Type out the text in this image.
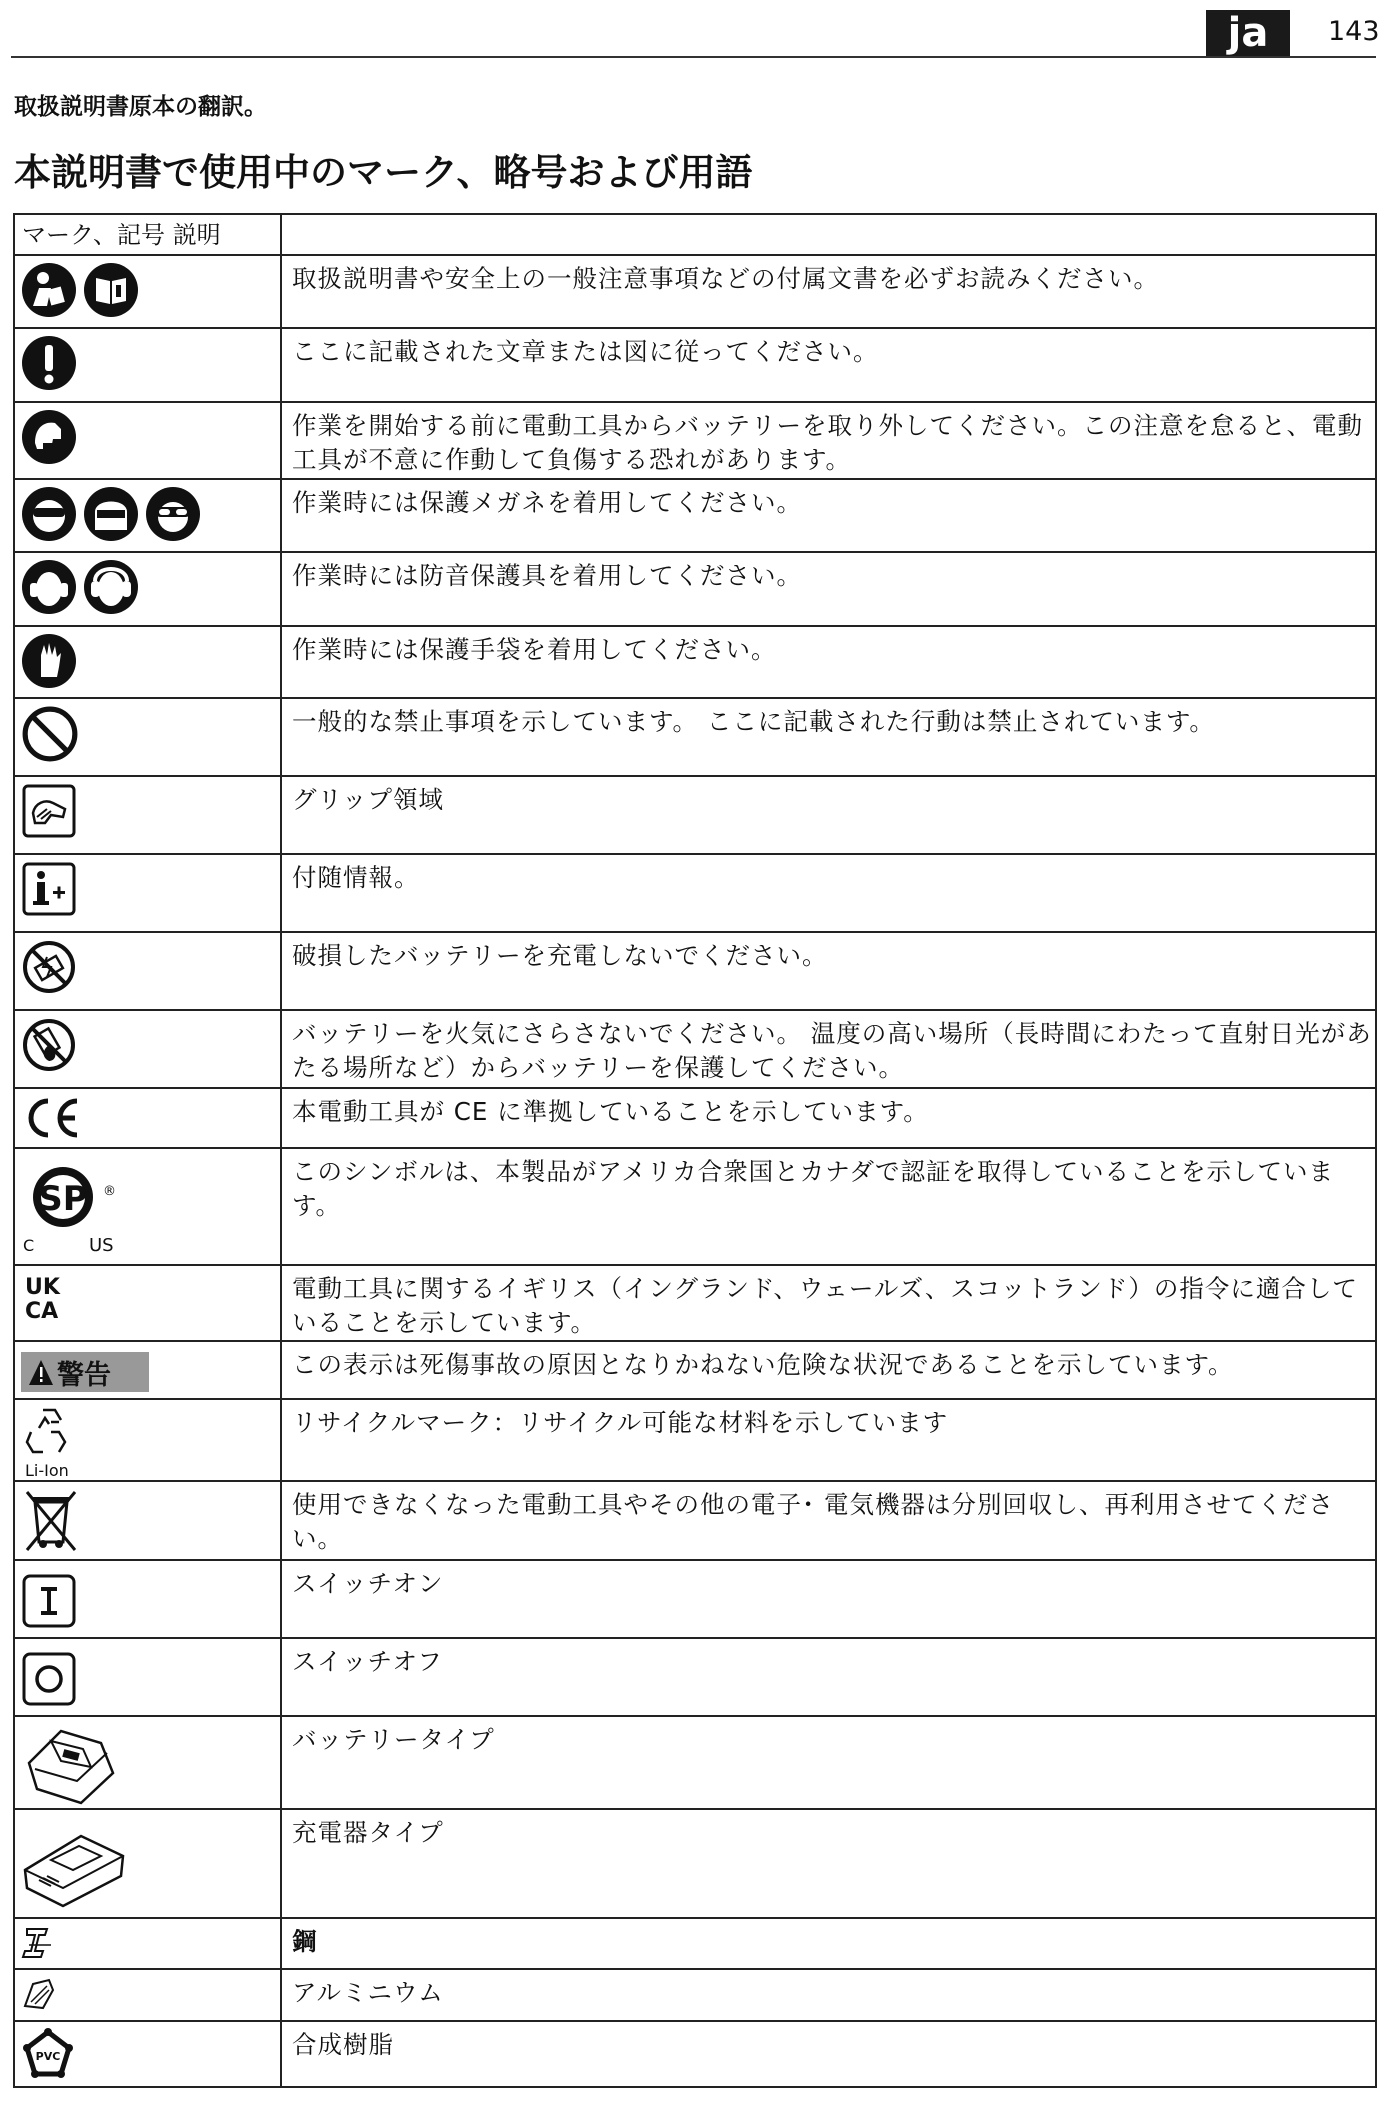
ja	143
取扱説明書原本の翻訳。
本説明書で使用中のマーク、略号および用語
マーク、記号 説明	

	取扱説明書や安全上の一般注意事項などの付属文書を必ずお読みください。

	ここに記載された文章または図に従ってください。

	作業を開始する前に電動工具からバッテリーを取り外してください。この注意を怠ると、電動工具が不意に作動して負傷する恐れがあります。

	作業時には保護メガネを着用してください。

	作業時には防音保護具を着用してください。

	作業時には保護手袋を着用してください。

	一般的な禁止事項を示しています。 ここに記載された行動は禁止されています。

	グリップ領域

	付随情報。

	破損したバッテリーを充電しないでください。

	バッテリーを火気にさらさないでください。 温度の高い場所（長時間にわたって直射日光があたる場所など）からバッテリーを保護してください。

	本電動工具が CE に準拠していることを示しています。

SP ®
C US	このシンボルは、本製品がアメリカ合衆国とカナダで認証を取得していることを示しています。

UK
CA	電動工具に関するイギリス（イングランド、ウェールズ、スコットランド）の指令に適合していることを示しています。

警告	この表示は死傷事故の原因となりかねない危険な状況であることを示しています。

Li-Ion	リサイクルマーク：リサイクル可能な材料を示しています

	使用できなくなった電動工具やその他の電子･ 電気機器は分別回収し、再利用させてください。

	スイッチオン

	スイッチオフ

	バッテリータイプ

	充電器タイプ

	鋼

	アルミニウム

PVC	合成樹脂
